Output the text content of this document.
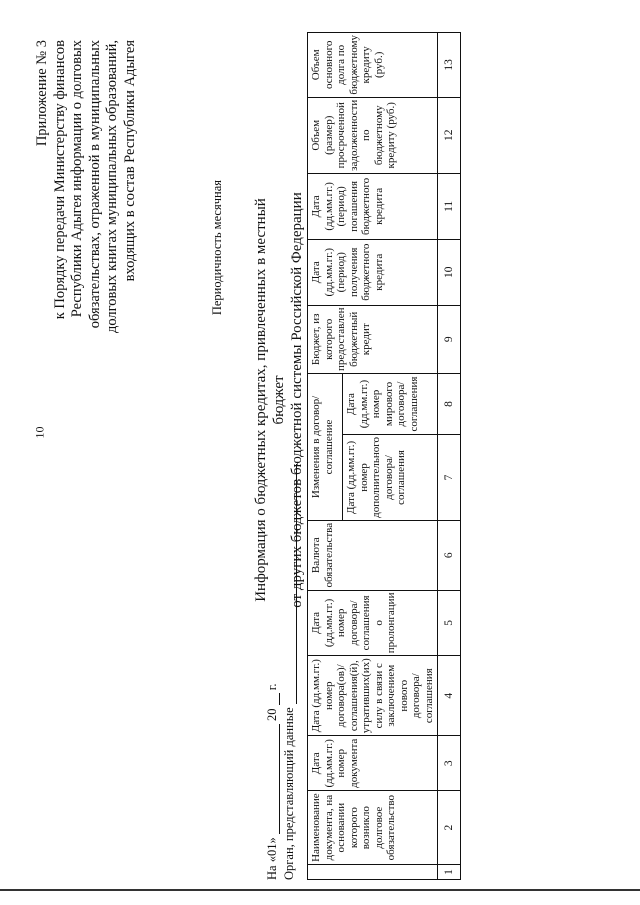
10
Приложение № 3 к Порядку передачи Министерству финансов Республики Адыгея информации о долговых обязательствах, отраженной в муниципальных долговых книгах муниципальных образований, входящих в состав Республики Адыгея	Периодичность месячная Информация о бюджетных кредитах, привлеченных в местный бюджет от других бюджетов бюджетной системы Российской Федерации
На «01»  20  г.
Орган, представляющий данные
	Наименование документа, на основании которого возникло долговое обязательство	Дата (дд.мм.гг.) номер документа	Дата (дд.мм.гг.) номер договора(ов)/ соглашения(й), утративших(их) силу в связи с заключением нового договора/соглашения	Дата (дд.мм.гг.) номер договора/ соглашения о пролонгации	Валюта обязательства	Изменения в договор/соглашение		Бюджет, из которого предоставлен бюджетный кредит	Дата (дд.мм.гг.) (период) получения бюджетного кредита	Дата (дд.мм.гг.) (период) погашения бюджетного кредита	Объем (размер) просроченной задолженности по бюджетному кредиту (руб.)	Объем основного долга по бюджетному кредиту (руб.)
						Дата (дд.мм.гг.) номер дополнительного договора/ соглашения	Дата (дд.мм.гг.) номер мирового договора/ соглашения					
1	2	3	4	5	6	7	8	9	10	11	12	13
